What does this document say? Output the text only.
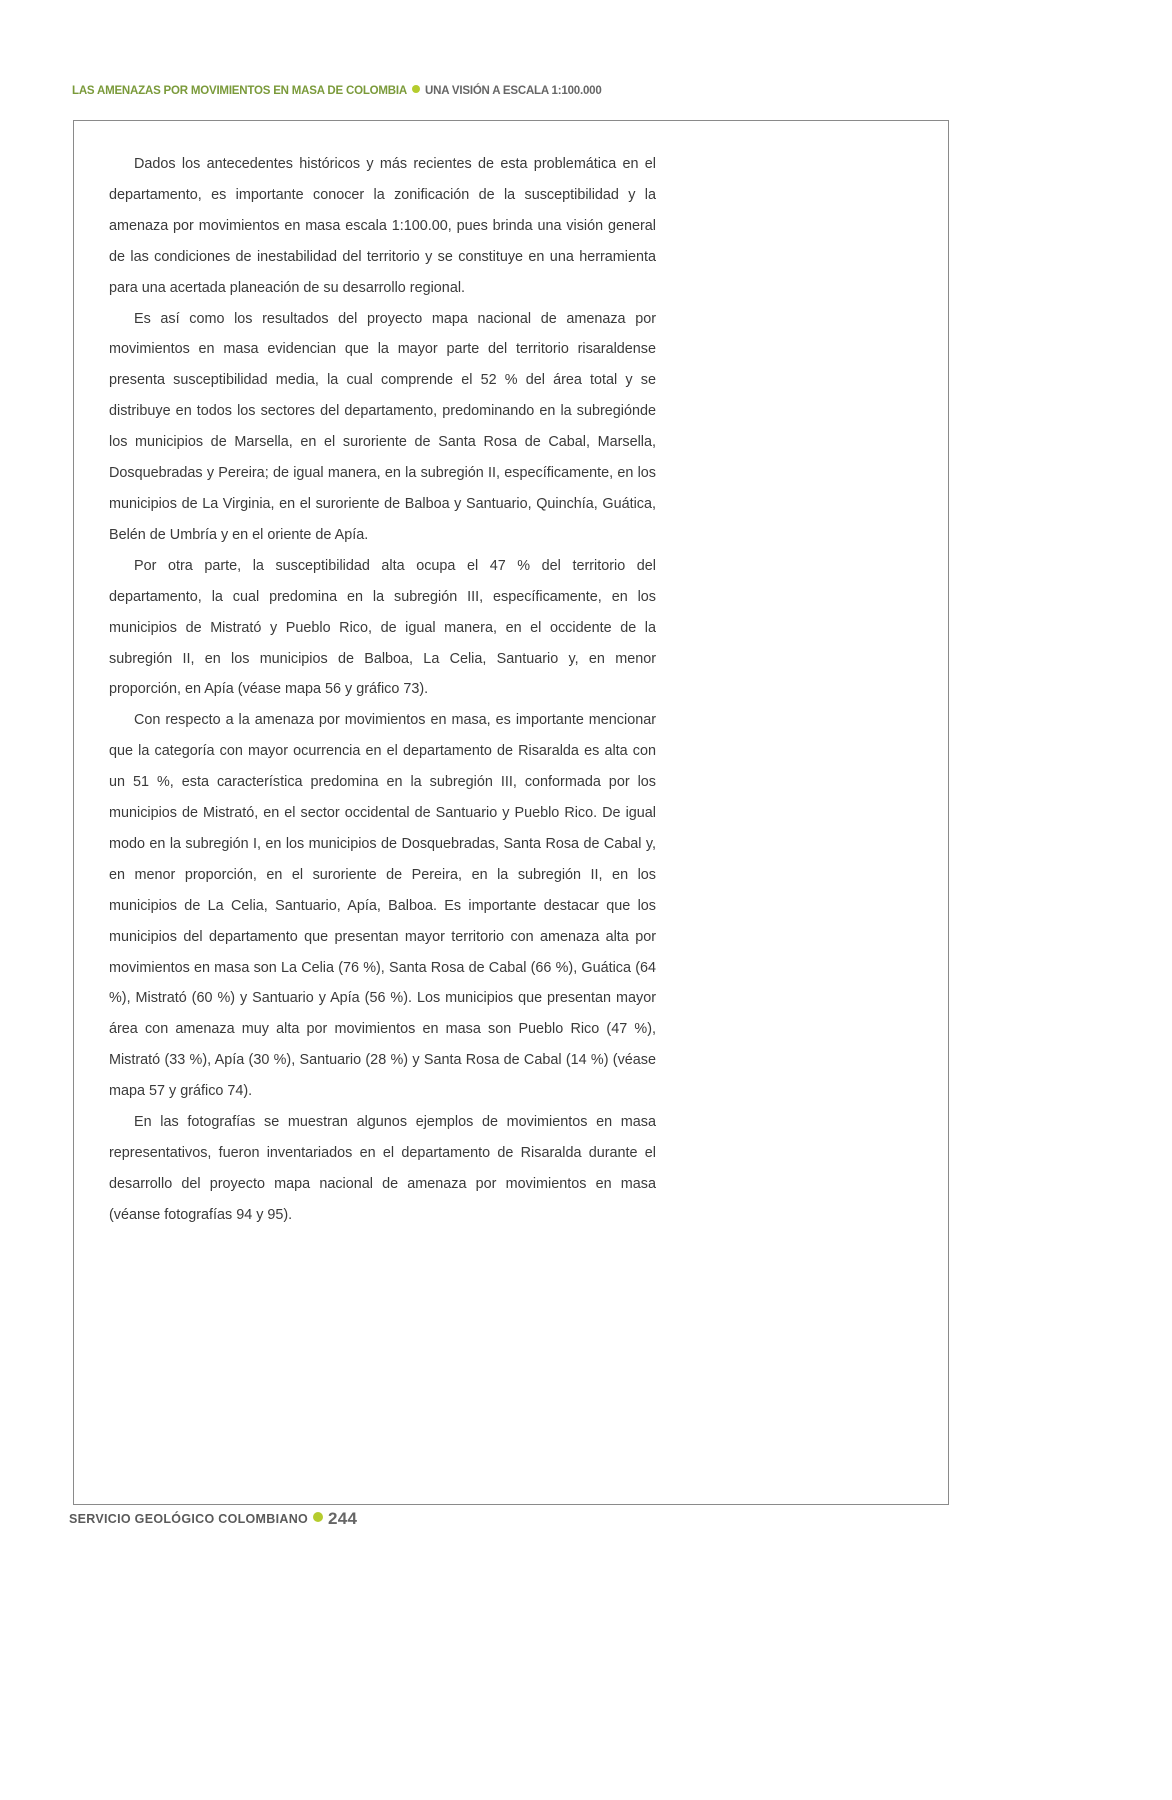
LAS AMENAZAS POR MOVIMIENTOS EN MASA DE COLOMBIA UNA VISIÓN A ESCALA 1:100.000

Dados los antecedentes históricos y más recientes de esta problemática en el departamento, es importante conocer la zonificación de la susceptibilidad y la amenaza por movimientos en masa escala 1:100.00, pues brinda una visión general de las condiciones de inestabilidad del territorio y se constituye en una herramienta para una acertada planeación de su desarrollo regional.

Es así como los resultados del proyecto mapa nacional de amenaza por movimientos en masa evidencian que la mayor parte del territorio risaraldense presenta susceptibilidad media, la cual comprende el 52 % del área total y se distribuye en todos los sectores del departamento, predominando en la subregiónde los municipios de Marsella, en el suroriente de Santa Rosa de Cabal, Marsella, Dosquebradas y Pereira; de igual manera, en la subregión II, específicamente, en los municipios de La Virginia, en el suroriente de Balboa y Santuario, Quinchía, Guática, Belén de Umbría y en el oriente de Apía.

Por otra parte, la susceptibilidad alta ocupa el 47 % del territorio del departamento, la cual predomina en la subregión III, específicamente, en los municipios de Mistrató y Pueblo Rico, de igual manera, en el occidente de la subregión II, en los municipios de Balboa, La Celia, Santuario y, en menor proporción, en Apía (véase mapa 56 y gráfico 73).

Con respecto a la amenaza por movimientos en masa, es importante mencionar que la categoría con mayor ocurrencia en el departamento de Risaralda es alta con un 51 %, esta característica predomina en la subregión III, conformada por los municipios de Mistrató, en el sector occidental de Santuario y Pueblo Rico. De igual modo en la subregión I, en los municipios de Dosquebradas, Santa Rosa de Cabal y, en menor proporción, en el suroriente de Pereira, en la subregión II, en los municipios de La Celia, Santuario, Apía, Balboa. Es importante destacar que los municipios del departamento que presentan mayor territorio con amenaza alta por movimientos en masa son La Celia (76 %), Santa Rosa de Cabal (66 %), Guática (64 %), Mistrató (60 %) y Santuario y Apía (56 %). Los municipios que presentan mayor área con amenaza muy alta por movimientos en masa son Pueblo Rico (47 %), Mistrató (33 %), Apía (30 %), Santuario (28 %) y Santa Rosa de Cabal (14 %) (véase mapa 57 y gráfico 74).

En las fotografías se muestran algunos ejemplos de movimientos en masa representativos, fueron inventariados en el departamento de Risaralda durante el desarrollo del proyecto mapa nacional de amenaza por movimientos en masa (véanse fotografías 94 y 95).

SERVICIO GEOLÓGICO COLOMBIANO 244
